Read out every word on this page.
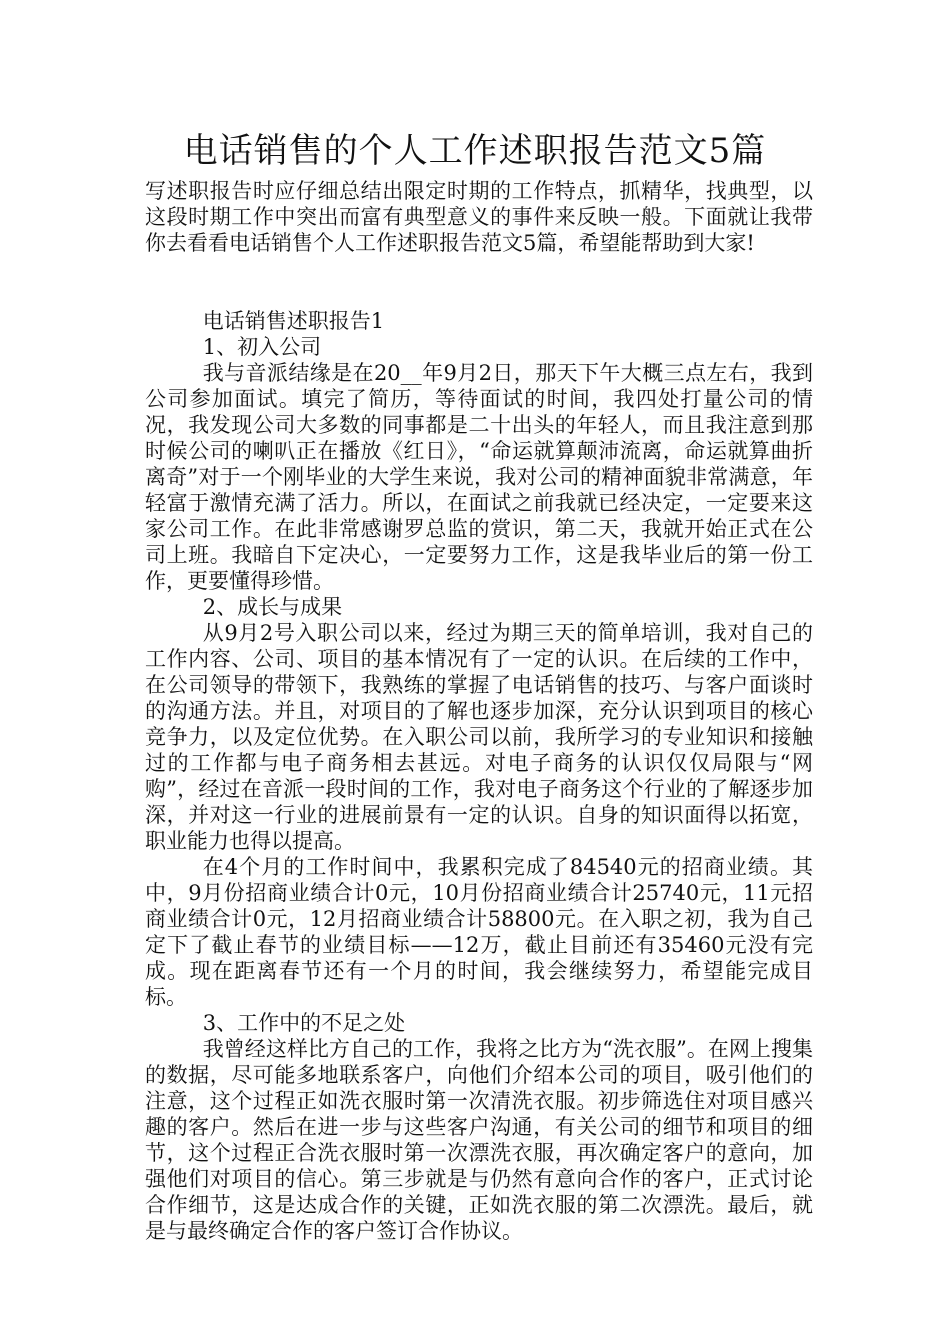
电话销售的个人工作述职报告范文5篇

写述职报告时应仔细总结出限定时期的工作特点，抓精华，找典型，以这段时期工作中突出而富有典型意义的事件来反映一般。下面就让我带你去看看电话销售个人工作述职报告范文5篇，希望能帮助到大家!

电话销售述职报告1

1、初入公司

我与音派结缘是在20__年9月2日，那天下午大概三点左右，我到公司参加面试。填完了简历，等待面试的时间，我四处打量公司的情况，我发现公司大多数的同事都是二十出头的年轻人，而且我注意到那时候公司的喇叭正在播放《红日》，“命运就算颠沛流离，命运就算曲折离奇”对于一个刚毕业的大学生来说，我对公司的精神面貌非常满意，年轻富于激情充满了活力。所以，在面试之前我就已经决定，一定要来这家公司工作。在此非常感谢罗总监的赏识，第二天，我就开始正式在公司上班。我暗自下定决心，一定要努力工作，这是我毕业后的第一份工作，更要懂得珍惜。

2、成长与成果

从9月2号入职公司以来，经过为期三天的简单培训，我对自己的工作内容、公司、项目的基本情况有了一定的认识。在后续的工作中，在公司领导的带领下，我熟练的掌握了电话销售的技巧、与客户面谈时的沟通方法。并且，对项目的了解也逐步加深，充分认识到项目的核心竞争力，以及定位优势。在入职公司以前，我所学习的专业知识和接触过的工作都与电子商务相去甚远。对电子商务的认识仅仅局限与“网购”，经过在音派一段时间的工作，我对电子商务这个行业的了解逐步加深，并对这一行业的进展前景有一定的认识。自身的知识面得以拓宽，职业能力也得以提高。

在4个月的工作时间中，我累积完成了84540元的招商业绩。其中，9月份招商业绩合计0元，10月份招商业绩合计25740元，11元招商业绩合计0元，12月招商业绩合计58800元。在入职之初，我为自己定下了截止春节的业绩目标——12万，截止目前还有35460元没有完成。现在距离春节还有一个月的时间，我会继续努力，希望能完成目标。

3、工作中的不足之处

我曾经这样比方自己的工作，我将之比方为“洗衣服”。在网上搜集的数据，尽可能多地联系客户，向他们介绍本公司的项目，吸引他们的注意，这个过程正如洗衣服时第一次清洗衣服。初步筛选住对项目感兴趣的客户。然后在进一步与这些客户沟通，有关公司的细节和项目的细节，这个过程正合洗衣服时第一次漂洗衣服，再次确定客户的意向，加强他们对项目的信心。第三步就是与仍然有意向合作的客户，正式讨论合作细节，这是达成合作的关键，正如洗衣服的第二次漂洗。最后，就是与最终确定合作的客户签订合作协议。
